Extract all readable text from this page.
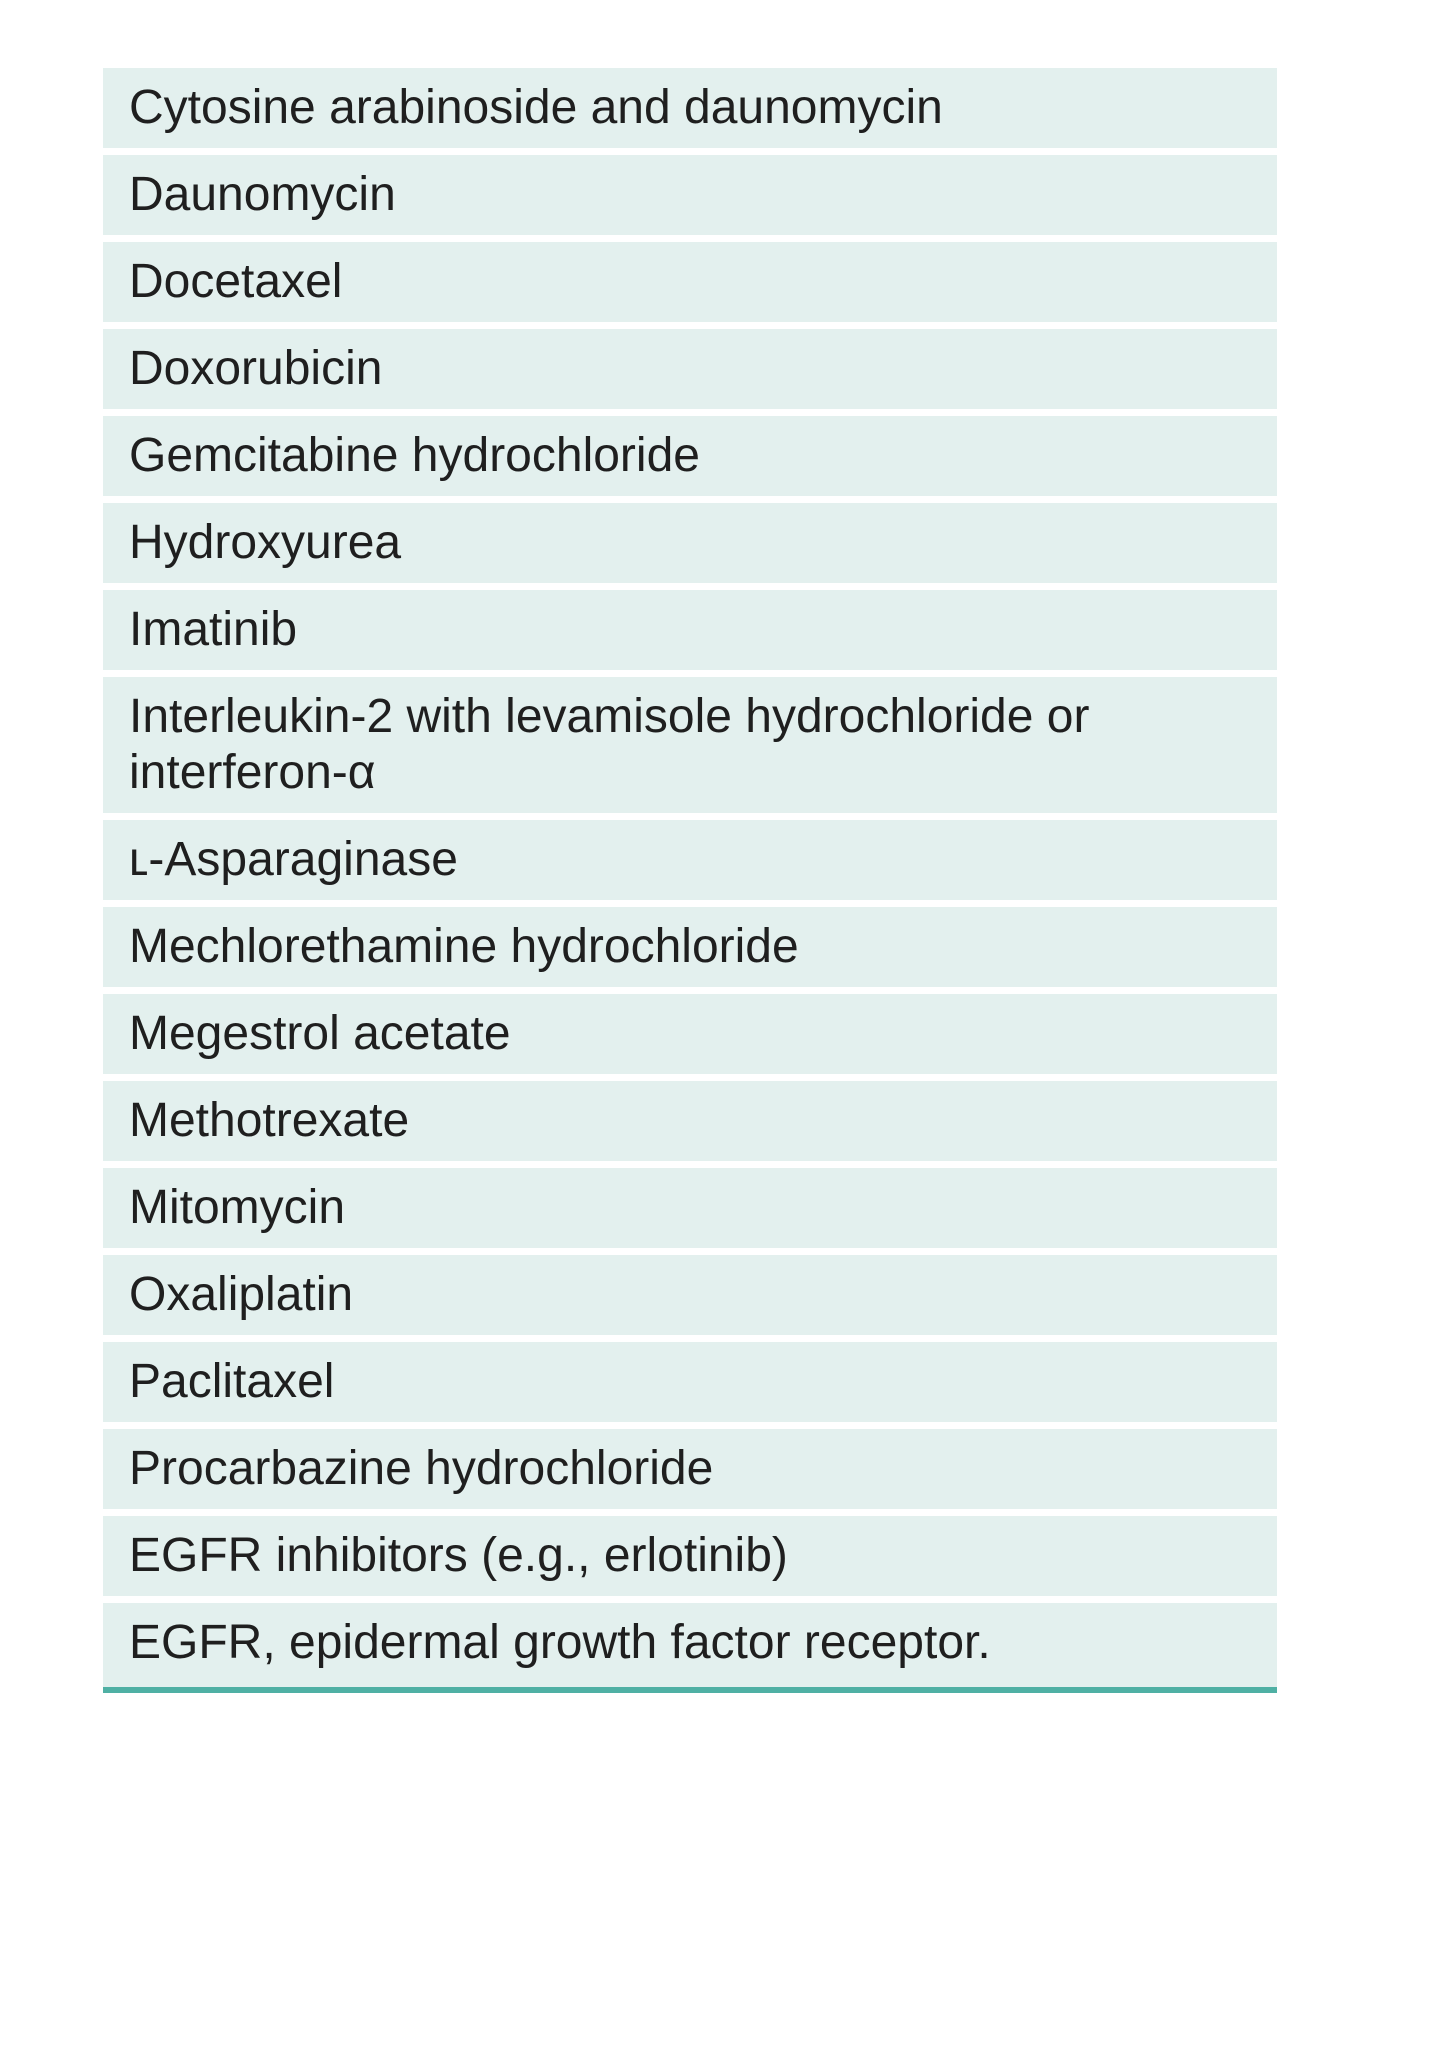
Cytosine arabinoside and daunomycin
Daunomycin
Docetaxel
Doxorubicin
Gemcitabine hydrochloride
Hydroxyurea
Imatinib
Interleukin-2 with levamisole hydrochloride or interferon-α
ʟ-Asparaginase
Mechlorethamine hydrochloride
Megestrol acetate
Methotrexate
Mitomycin
Oxaliplatin
Paclitaxel
Procarbazine hydrochloride
EGFR inhibitors (e.g., erlotinib)
EGFR, epidermal growth factor receptor.
